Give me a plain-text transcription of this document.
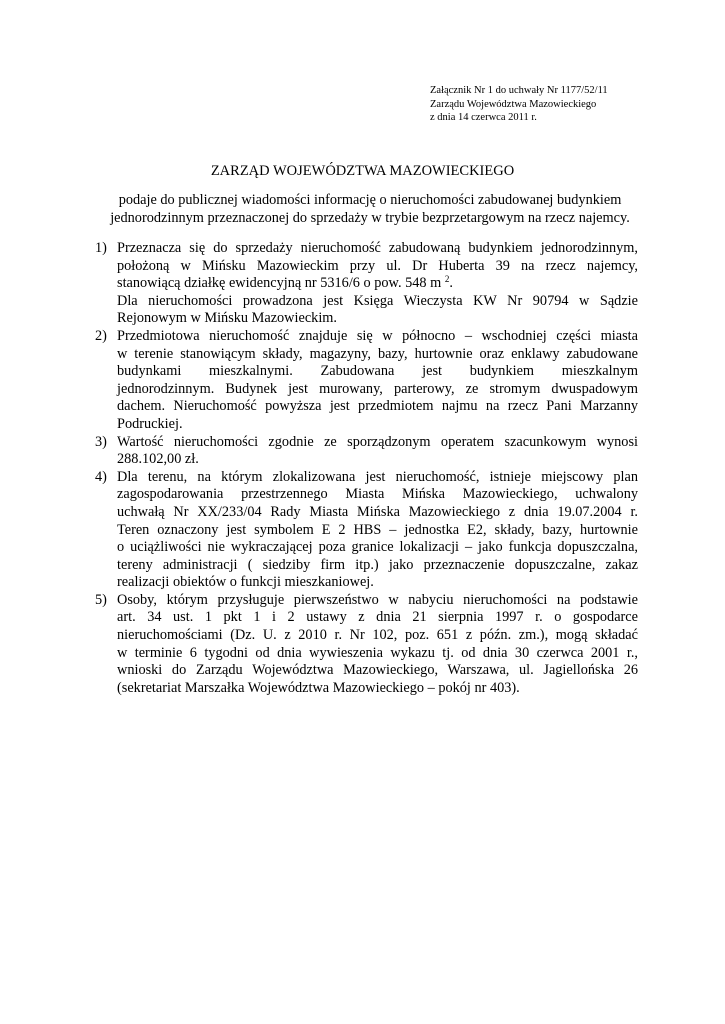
Załącznik Nr 1 do uchwały Nr 1177/52/11
Zarządu Województwa Mazowieckiego
z dnia 14 czerwca 2011 r.
ZARZĄD WOJEWÓDZTWA MAZOWIECKIEGO
podaje do publicznej wiadomości informację o nieruchomości zabudowanej budynkiem
jednorodzinnym przeznaczonej do sprzedaży w trybie bezprzetargowym na rzecz najemcy.
1) Przeznacza się do sprzedaży nieruchomość zabudowaną budynkiem jednorodzinnym,
położoną w Mińsku Mazowieckim przy ul. Dr Huberta 39 na rzecz najemcy,
stanowiącą działkę ewidencyjną nr 5316/6 o pow. 548 m $^2$.
Dla nieruchomości prowadzona jest Księga Wieczysta KW Nr 90794 w Sądzie
Rejonowym w Mińsku Mazowieckim.
2) Przedmiotowa nieruchomość znajduje się w północno – wschodniej części miasta
w terenie stanowiącym składy, magazyny, bazy, hurtownie oraz enklawy zabudowane
budynkami mieszkalnymi. Zabudowana jest budynkiem mieszkalnym
jednorodzinnym. Budynek jest murowany, parterowy, ze stromym dwuspadowym
dachem. Nieruchomość powyższa jest przedmiotem najmu na rzecz Pani Marzanny
Podruckiej.
3) Wartość nieruchomości zgodnie ze sporządzonym operatem szacunkowym wynosi
288.102,00 zł.
4) Dla terenu, na którym zlokalizowana jest nieruchomość, istnieje miejscowy plan
zagospodarowania przestrzennego Miasta Mińska Mazowieckiego, uchwalony
uchwałą Nr XX/233/04 Rady Miasta Mińska Mazowieckiego z dnia 19.07.2004 r.
Teren oznaczony jest symbolem E 2 HBS – jednostka E2, składy, bazy, hurtownie
o uciążliwości nie wykraczającej poza granice lokalizacji – jako funkcja dopuszczalna,
tereny administracji ( siedziby firm itp.) jako przeznaczenie dopuszczalne, zakaz
realizacji obiektów o funkcji mieszkaniowej.
5) Osoby, którym przysługuje pierwszeństwo w nabyciu nieruchomości na podstawie
art. 34 ust. 1 pkt 1 i 2 ustawy z dnia 21 sierpnia 1997 r. o gospodarce
nieruchomościami (Dz. U. z 2010 r. Nr 102, poz. 651 z późn. zm.), mogą składać
w terminie 6 tygodni od dnia wywieszenia wykazu tj. od dnia 30 czerwca 2001 r.,
wnioski do Zarządu Województwa Mazowieckiego, Warszawa, ul. Jagiellońska 26
(sekretariat Marszałka Województwa Mazowieckiego – pokój nr 403).
